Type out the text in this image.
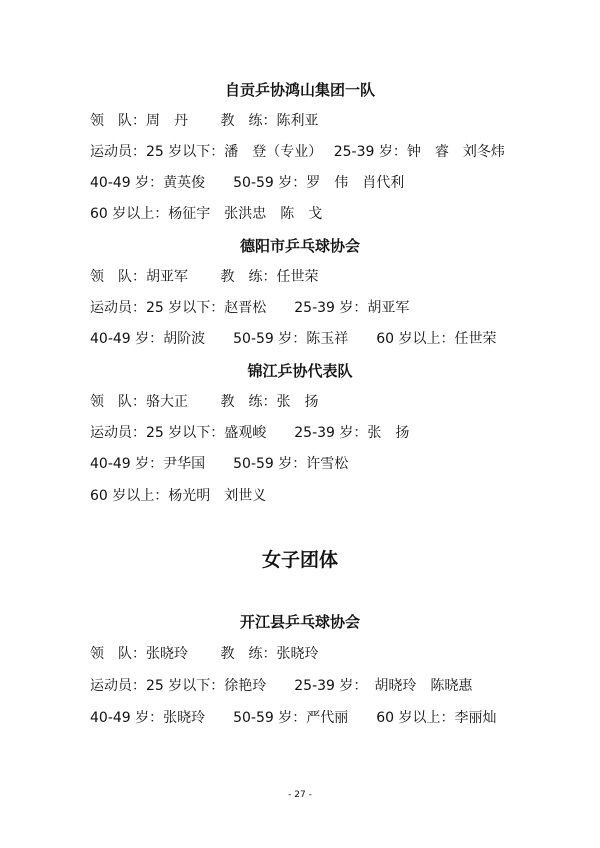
自贡乒协鸿山集团一队
领　队：周　丹　　 教　练：陈利亚
运动员：25 岁以下：潘　登（专业）　 25-39 岁：钟　睿　刘冬炜
40-49 岁：黄英俊　　50-59 岁：罗　伟　肖代利
60 岁以上：杨征宇　张洪忠　陈　戈
德阳市乒乓球协会
领　队：胡亚军　　 教　练：任世荣
运动员：25 岁以下：赵晋松　　25-39 岁：胡亚军
40-49 岁：胡阶波　　50-59 岁：陈玉祥　　60 岁以上：任世荣
锦江乒协代表队
领　队：骆大正　　 教　练：张　扬
运动员：25 岁以下：盛观峻　　25-39 岁：张　扬
40-49 岁：尹华国　　50-59 岁：许雪松
60 岁以上：杨光明　刘世义
女子团体
开江县乒乓球协会
领　队：张晓玲　　 教　练：张晓玲
运动员：25 岁以下：徐艳玲　　25-39 岁：　胡晓玲　陈晓惠
40-49 岁：张晓玲　　50-59 岁：严代丽　　60 岁以上：李丽灿
- 27 -
